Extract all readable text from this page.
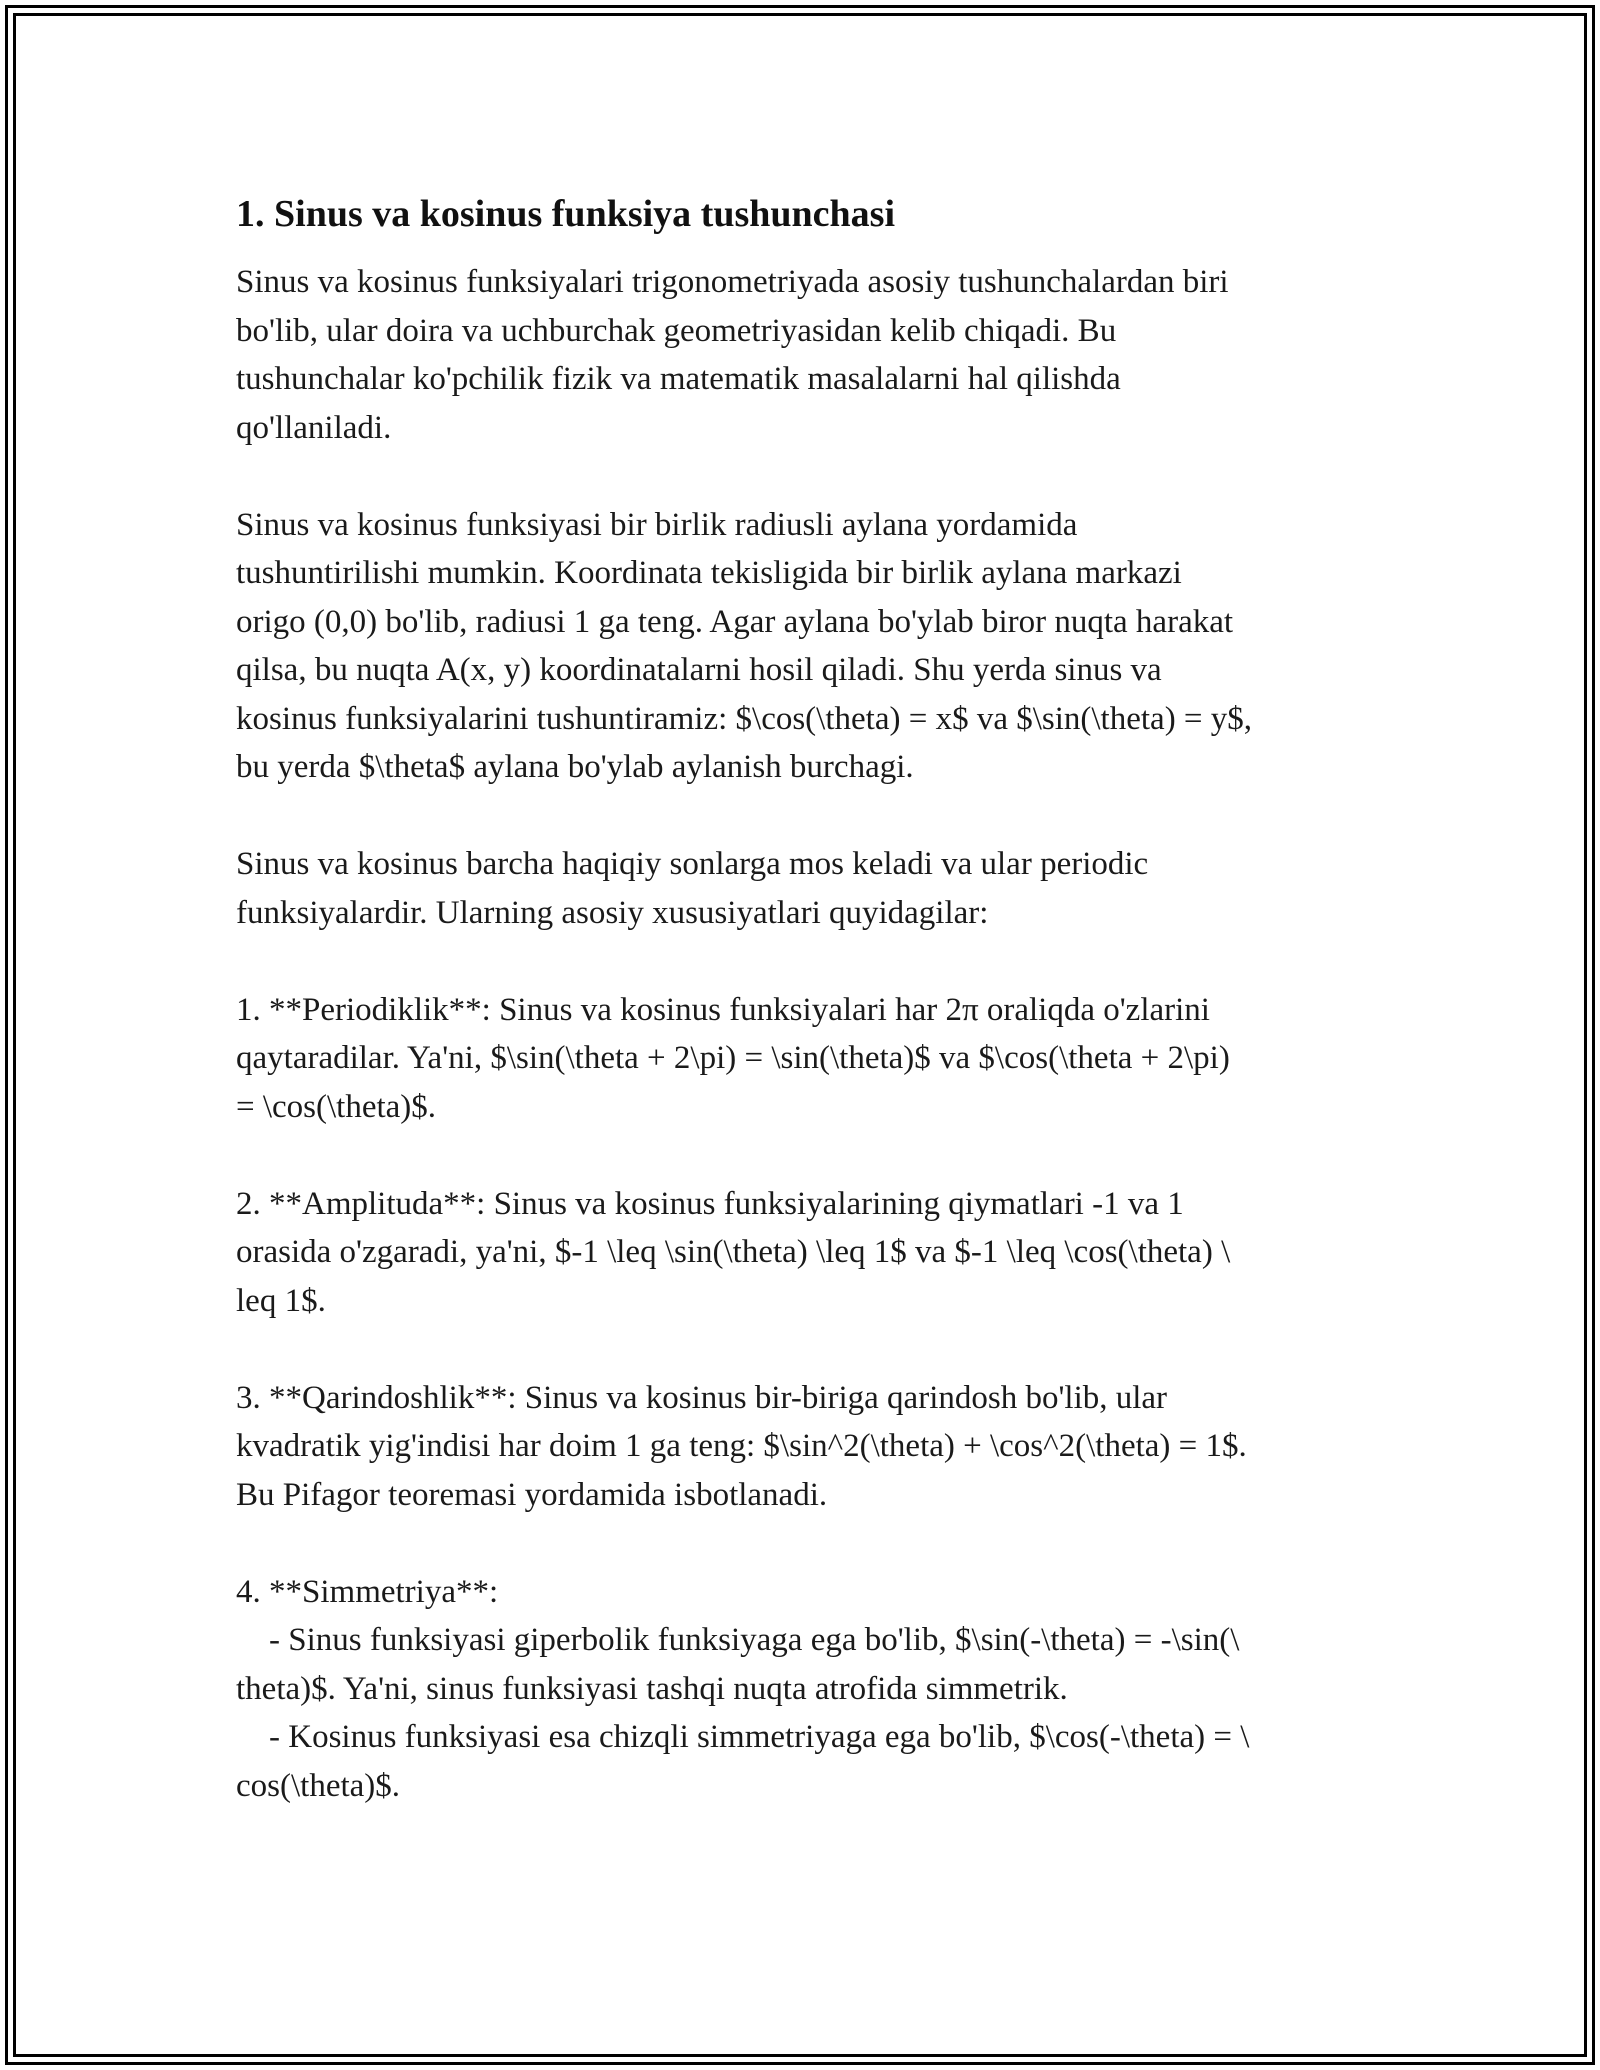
1. Sinus va kosinus funksiya tushunchasi
Sinus va kosinus funksiyalari trigonometriyada asosiy tushunchalardan biri
bo'lib, ular doira va uchburchak geometriyasidan kelib chiqadi. Bu
tushunchalar ko'pchilik fizik va matematik masalalarni hal qilishda
qo'llaniladi.
Sinus va kosinus funksiyasi bir birlik radiusli aylana yordamida
tushuntirilishi mumkin. Koordinata tekisligida bir birlik aylana markazi
origo (0,0) bo'lib, radiusi 1 ga teng. Agar aylana bo'ylab biror nuqta harakat
qilsa, bu nuqta A(x, y) koordinatalarni hosil qiladi. Shu yerda sinus va
kosinus funksiyalarini tushuntiramiz: $\cos(\theta) = x$ va $\sin(\theta) = y$,
bu yerda $\theta$ aylana bo'ylab aylanish burchagi.
Sinus va kosinus barcha haqiqiy sonlarga mos keladi va ular periodic
funksiyalardir. Ularning asosiy xususiyatlari quyidagilar:
1. **Periodiklik**: Sinus va kosinus funksiyalari har 2π oraliqda o'zlarini
qaytaradilar. Ya'ni, $\sin(\theta + 2\pi) = \sin(\theta)$ va $\cos(\theta + 2\pi)
= \cos(\theta)$.
2. **Amplituda**: Sinus va kosinus funksiyalarining qiymatlari -1 va 1
orasida o'zgaradi, ya'ni, $-1 \leq \sin(\theta) \leq 1$ va $-1 \leq \cos(\theta) \
leq 1$.
3. **Qarindoshlik**: Sinus va kosinus bir-biriga qarindosh bo'lib, ular
kvadratik yig'indisi har doim 1 ga teng: $\sin^2(\theta) + \cos^2(\theta) = 1$.
Bu Pifagor teoremasi yordamida isbotlanadi.
4. **Simmetriya**:
- Sinus funksiyasi giperbolik funksiyaga ega bo'lib, $\sin(-\theta) = -\sin(\
theta)$. Ya'ni, sinus funksiyasi tashqi nuqta atrofida simmetrik.
- Kosinus funksiyasi esa chizqli simmetriyaga ega bo'lib, $\cos(-\theta) = \
cos(\theta)$.
